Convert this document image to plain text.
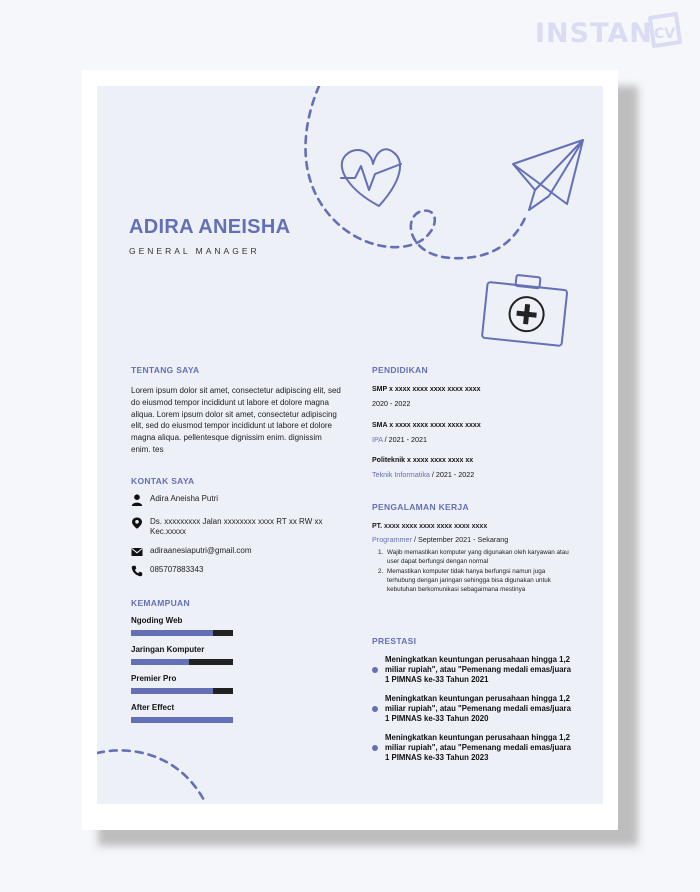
INSTAN CV
ADIRA ANEISHA
GENERAL MANAGER
TENTANG SAYA
Lorem ipsum dolor sit amet, consectetur adipiscing elit, sed do eiusmod tempor incididunt ut labore et dolore magna aliqua. Lorem ipsum dolor sit amet, consectetur adipiscing elit, sed do eiusmod tempor incididunt ut labore et dolore magna aliqua. pellentesque dignissim enim. dignissim enim. tes
KONTAK SAYA
Adira Aneisha Putri
Ds. xxxxxxxxx Jalan xxxxxxxx xxxx RT xx RW xx Kec.xxxxx
adiraanesiaputri@gmail.com
085707883343
KEMAMPUAN
Ngoding Web
Jaringan Komputer
Premier Pro
After Effect
PENDIDIKAN
SMP x xxxx xxxx xxxx xxxx xxxx
2020 - 2022
SMA x xxxx xxxx xxxx xxxx xxxx
IPA / 2021 - 2021
Politeknik x xxxx xxxx xxxx xx
Teknik Informatika / 2021 - 2022
PENGALAMAN KERJA
PT. xxxx xxxx xxxx xxxx xxxx xxxx
Programmer / September 2021 - Sekarang
1. Wajib memastikan komputer yang digunakan oleh karyawan atau user dapat berfungsi dengan normal
2. Memastikan komputer tidak hanya berfungsi namun juga terhubung dengan jaringan sehingga bisa digunakan untuk kebutuhan berkomunikasi sebagaimana mestinya
PRESTASI
Meningkatkan keuntungan perusahaan hingga 1,2 miliar rupiah", atau "Pemenang medali emas/juara 1 PIMNAS ke-33 Tahun 2021
Meningkatkan keuntungan perusahaan hingga 1,2 miliar rupiah", atau "Pemenang medali emas/juara 1 PIMNAS ke-33 Tahun 2020
Meningkatkan keuntungan perusahaan hingga 1,2 miliar rupiah", atau "Pemenang medali emas/juara 1 PIMNAS ke-33 Tahun 2023
